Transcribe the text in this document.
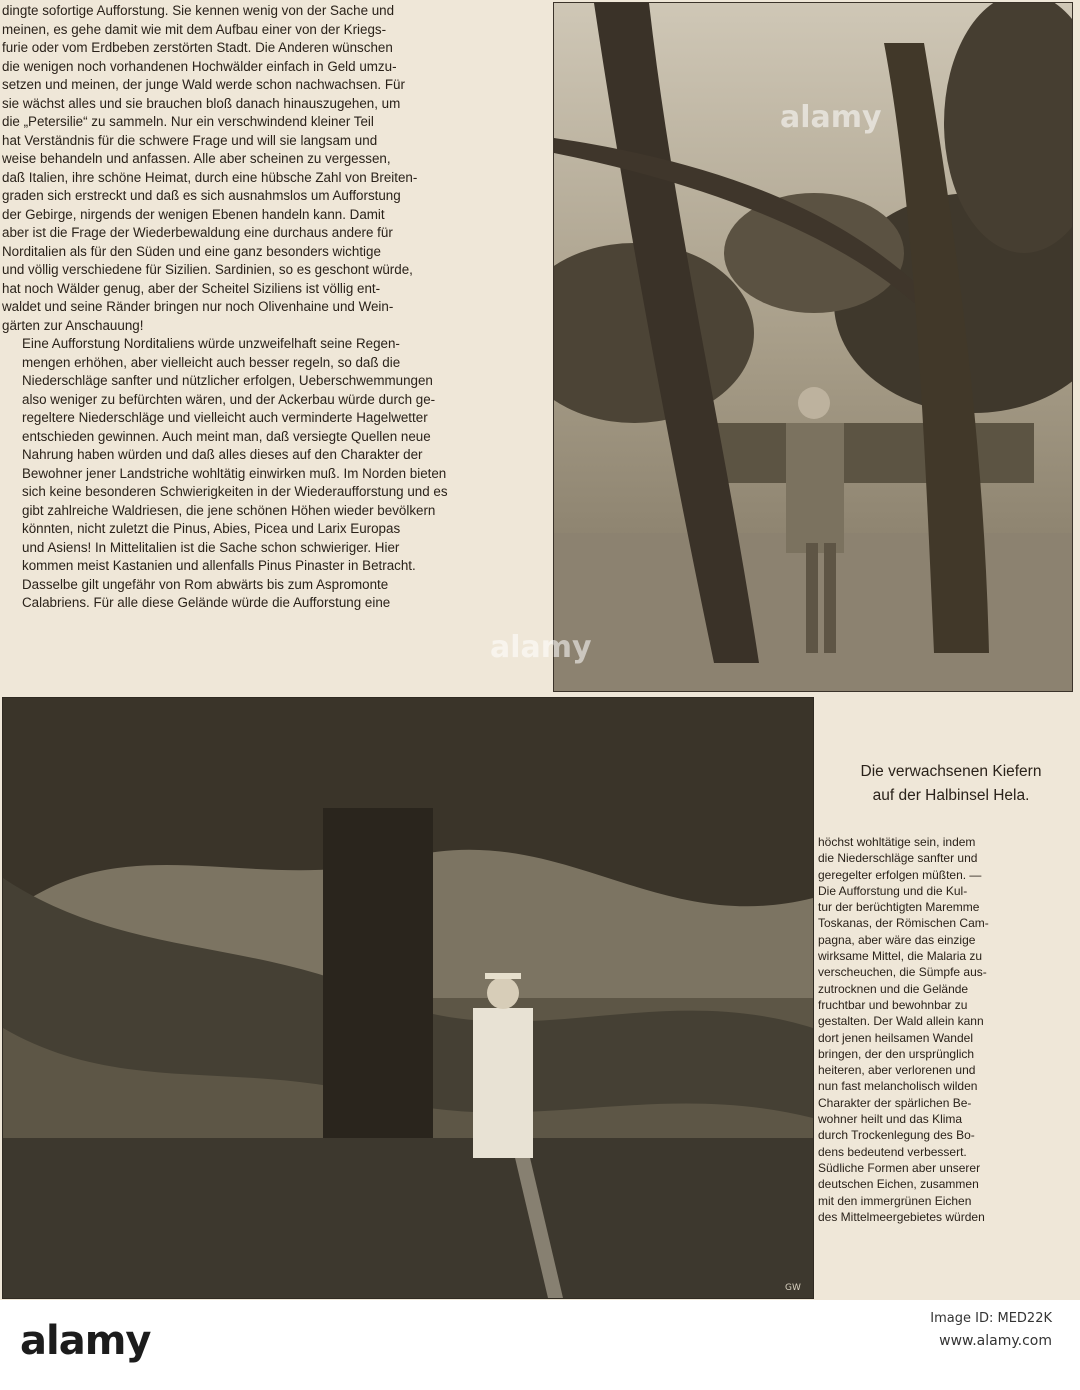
dingte sofortige Aufforstung. Sie kennen wenig von der Sache und
meinen, es gehe damit wie mit dem Aufbau einer von der Kriegs-
furie oder vom Erdbeben zerstörten Stadt. Die Anderen wünschen
die wenigen noch vorhandenen Hochwälder einfach in Geld umzu-
setzen und meinen, der junge Wald werde schon nachwachsen. Für
sie wächst alles und sie brauchen bloß danach hinauszugehen, um
die „Petersilie“ zu sammeln. Nur ein verschwindend kleiner Teil
hat Verständnis für die schwere Frage und will sie langsam und
weise behandeln und anfassen. Alle aber scheinen zu vergessen,
daß Italien, ihre schöne Heimat, durch eine hübsche Zahl von Breiten-
graden sich erstreckt und daß es sich ausnahmslos um Aufforstung
der Gebirge, nirgends der wenigen Ebenen handeln kann. Damit
aber ist die Frage der Wiederbewaldung eine durchaus andere für
Norditalien als für den Süden und eine ganz besonders wichtige
und völlig verschiedene für Sizilien. Sardinien, so es geschont würde,
hat noch Wälder genug, aber der Scheitel Siziliens ist völlig ent-
waldet und seine Ränder bringen nur noch Olivenhaine und Wein-
gärten zur Anschauung!

Eine Aufforstung Norditaliens würde unzweifelhaft seine Regen-
mengen erhöhen, aber vielleicht auch besser regeln, so daß die
Niederschläge sanfter und nützlicher erfolgen, Ueberschwemmungen
also weniger zu befürchten wären, und der Ackerbau würde durch ge-
regeltere Niederschläge und vielleicht auch verminderte Hagelwetter
entschieden gewinnen. Auch meint man, daß versiegte Quellen neue
Nahrung haben würden und daß alles dieses auf den Charakter der
Bewohner jener Landstriche wohltätig einwirken muß. Im Norden bieten
sich keine besonderen Schwierigkeiten in der Wiederaufforstung und es
gibt zahlreiche Waldriesen, die jene schönen Höhen wieder bevölkern
könnten, nicht zuletzt die Pinus, Abies, Picea und Larix Europas
und Asiens! In Mittelitalien ist die Sache schon schwieriger. Hier
kommen meist Kastanien und allenfalls Pinus Pinaster in Betracht.
Dasselbe gilt ungefähr von Rom abwärts bis zum Aspromonte
Calabriens. Für alle diese Gelände würde die Aufforstung eine

GW
Die verwachsenen Kiefern
auf der Halbinsel Hela.
höchst wohltätige sein, indem
die Niederschläge sanfter und
geregelter erfolgen müßten. —
Die Aufforstung und die Kul-
tur der berüchtigten Maremme
Toskanas, der Römischen Cam-
pagna, aber wäre das einzige
wirksame Mittel, die Malaria zu
verscheuchen, die Sümpfe aus-
zutrocknen und die Gelände
fruchtbar und bewohnbar zu
gestalten. Der Wald allein kann
dort jenen heilsamen Wandel
bringen, der den ursprünglich
heiteren, aber verlorenen und
nun fast melancholisch wilden
Charakter der spärlichen Be-
wohner heilt und das Klima
durch Trockenlegung des Bo-
dens bedeutend verbessert.
Südliche Formen aber unserer
deutschen Eichen, zusammen
mit den immergrünen Eichen
des Mittelmeergebietes würden
alamy
alamy
alamy	Image ID: MED22K
www.alamy.com
